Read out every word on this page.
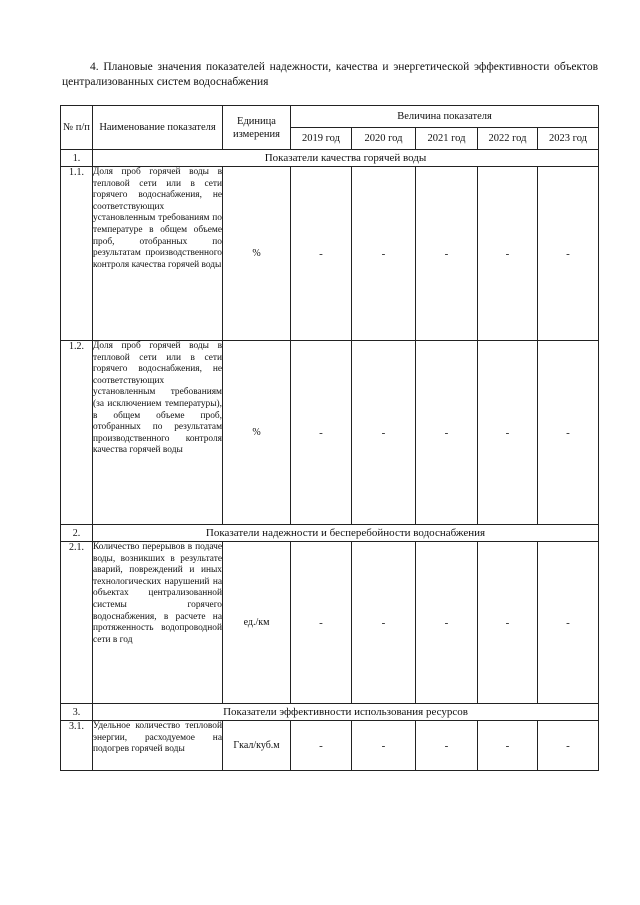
4. Плановые значения показателей надежности, качества и энергетической эффективности объектов централизованных систем водоснабжения
№ п/п	Наименование показателя	Единица измерения	Величина показателя				
			2019 год	2020 год	2021 год	2022 год	2023 год
1.	Показатели качества горячей воды						
1.1.	Доля проб горячей воды в тепловой сети или в сети горячего водоснабжения, не соответствующих установленным требованиям по температуре в общем объеме проб, отобранных по результатам производственного контроля качества горячей воды	%	-	-	-	-	-
1.2.	Доля проб горячей воды в тепловой сети или в сети горячего водоснабжения, не соответствующих установленным требованиям (за исключением температуры), в общем объеме проб, отобранных по результатам производственного контроля качества горячей воды	%	-	-	-	-	-
2.	Показатели надежности и бесперебойности водоснабжения						
2.1.	Количество перерывов в подаче воды, возникших в результате аварий, повреждений и иных технологических нарушений на объектах централизованной системы горячего водоснабжения, в расчете на протяженность водопроводной сети в год	ед./км	-	-	-	-	-
3.	Показатели эффективности использования ресурсов						
3.1.	Удельное количество тепловой энергии, расходуемое на подогрев горячей воды	Гкал/куб.м	-	-	-	-	-
